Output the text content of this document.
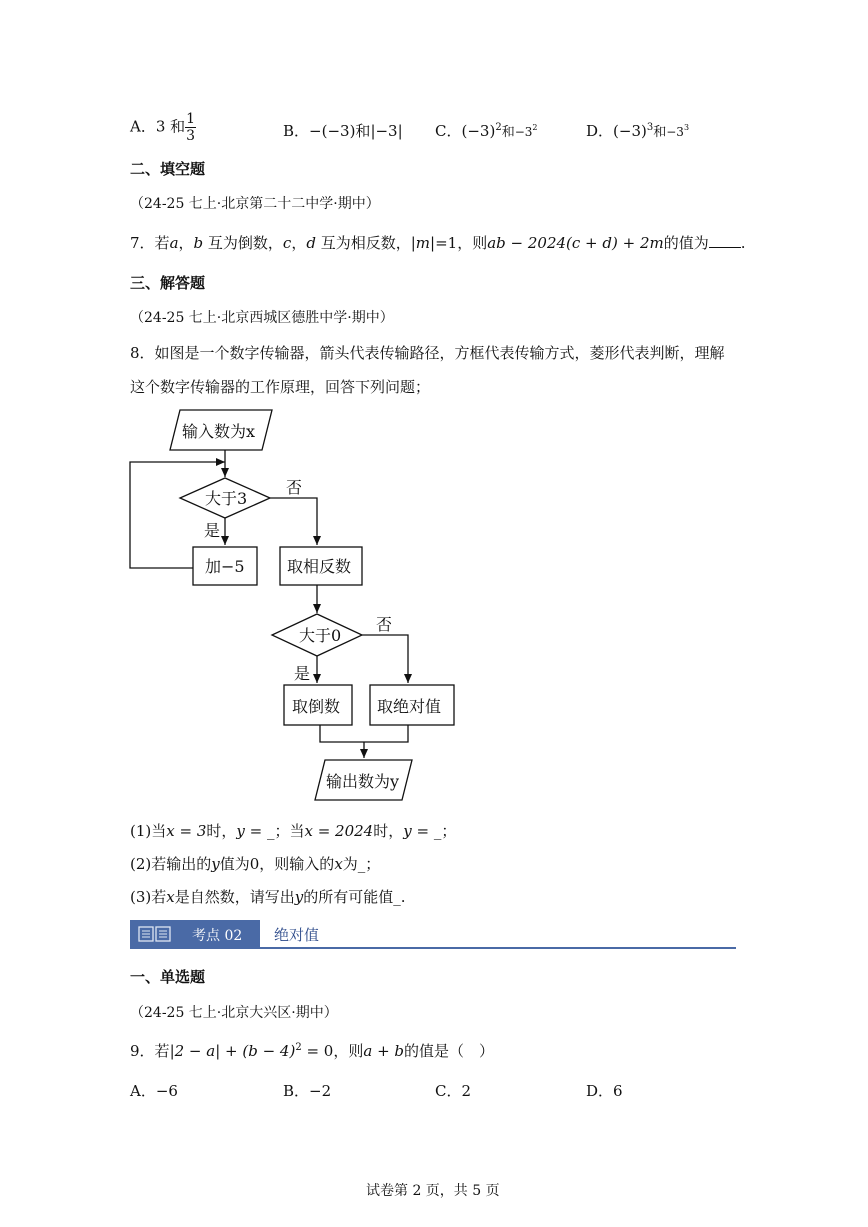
A．3 和 $\frac{1}{3}$	B．−(−3)和|−3| C．$(-3)^2$和$-3^2$	D．$(-3)^3$和$-3^3$
二、填空题
（24-25 七上·北京第二十二中学·期中）
7．若a，b 互为倒数，c，d 互为相反数，|m|=1，则ab − 2024(c + d) + 2m的值为 .
三、解答题
（24-25 七上·北京西城区德胜中学·期中）
8．如图是一个数字传输器，箭头代表传输路径，方框代表传输方式，菱形代表判断，理解
这个数字传输器的工作原理，回答下列问题；
输入数为x
大于3
是
否
加−5	取相反数
大于0
是
否
取倒数 取绝对值
输出数为y
(1)当x = 3时，y = _；当x = 2024时，y = _；
(2)若输出的y值为0，则输入的x为_；
(3)若x是自然数，请写出y的所有可能值_.
考点 02 绝对值
一、单选题
（24-25 七上·北京大兴区·期中）
9．若$|2 - a| + (b - 4)^2 = 0$，则a + b的值是（　）
A．−6	B．−2	C．2	D．6
试卷第 2 页，共 5 页
